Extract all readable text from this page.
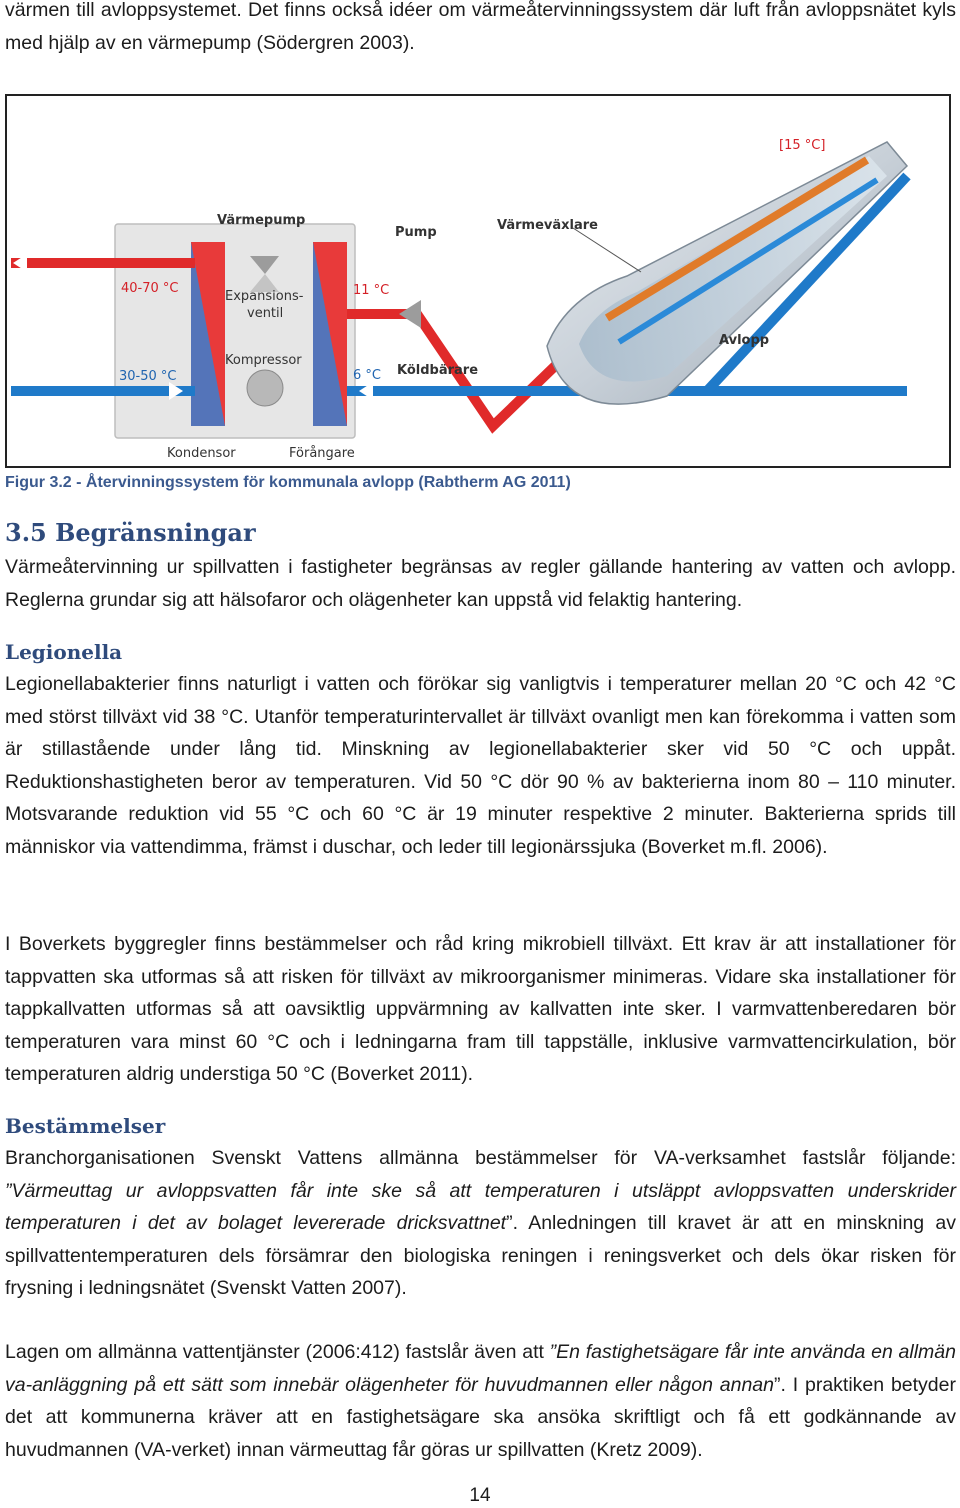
värmen till avloppsystemet. Det finns också idéer om värmeåtervinningssystem där luft från avloppsnätet kyls med hjälp av en värmepump (Södergren 2003).

Värmepump
Pump	Värmeväxlare
Expansions-
ventil
Kompressor
Köldbärare
Avlopp
Kondensor	Förångare
40-70 °C
30-50 °C
11 °C
6 °C
[15 °C]
Figur 3.2 - Återvinningssystem för kommunala avlopp (Rabtherm AG 2011)
3.5 Begränsningar

Värmeåtervinning ur spillvatten i fastigheter begränsas av regler gällande hantering av vatten och avlopp. Reglerna grundar sig att hälsofaror och olägenheter kan uppstå vid felaktig hantering.

Legionella

Legionellabakterier finns naturligt i vatten och förökar sig vanligtvis i temperaturer mellan 20 °C och 42 °C med störst tillväxt vid 38 °C. Utanför temperaturintervallet är tillväxt ovanligt men kan förekomma i vatten som är stillastående under lång tid. Minskning av legionellabakterier sker vid 50 °C och uppåt. Reduktionshastigheten beror av temperaturen. Vid 50 °C dör 90 % av bakterierna inom 80 – 110 minuter. Motsvarande reduktion vid 55 °C och 60 °C är 19 minuter respektive 2 minuter. Bakterierna sprids till människor via vattendimma, främst i duschar, och leder till legionärssjuka (Boverket m.fl. 2006).

I Boverkets byggregler finns bestämmelser och råd kring mikrobiell tillväxt. Ett krav är att installationer för tappvatten ska utformas så att risken för tillväxt av mikroorganismer minimeras. Vidare ska installationer för tappkallvatten utformas så att oavsiktlig uppvärmning av kallvatten inte sker. I varmvattenberedaren bör temperaturen vara minst 60 °C och i ledningarna fram till tappställe, inklusive varmvattencirkulation, bör temperaturen aldrig understiga 50 °C (Boverket 2011).

Bestämmelser

Branchorganisationen Svenskt Vattens allmänna bestämmelser för VA-verksamhet fastslår följande: ”Värmeuttag ur avloppsvatten får inte ske så att temperaturen i utsläppt avloppsvatten underskrider temperaturen i det av bolaget levererade dricksvattnet”. Anledningen till kravet är att en minskning av spillvattentemperaturen dels försämrar den biologiska reningen i reningsverket och dels ökar risken för frysning i ledningsnätet (Svenskt Vatten 2007).

Lagen om allmänna vattentjänster (2006:412) fastslår även att ”En fastighetsägare får inte använda en allmän va-anläggning på ett sätt som innebär olägenheter för huvudmannen eller någon annan”. I praktiken betyder det att kommunerna kräver att en fastighetsägare ska ansöka skriftligt och få ett godkännande av huvudmannen (VA-verket) innan värmeuttag får göras ur spillvatten (Kretz 2009).

14
